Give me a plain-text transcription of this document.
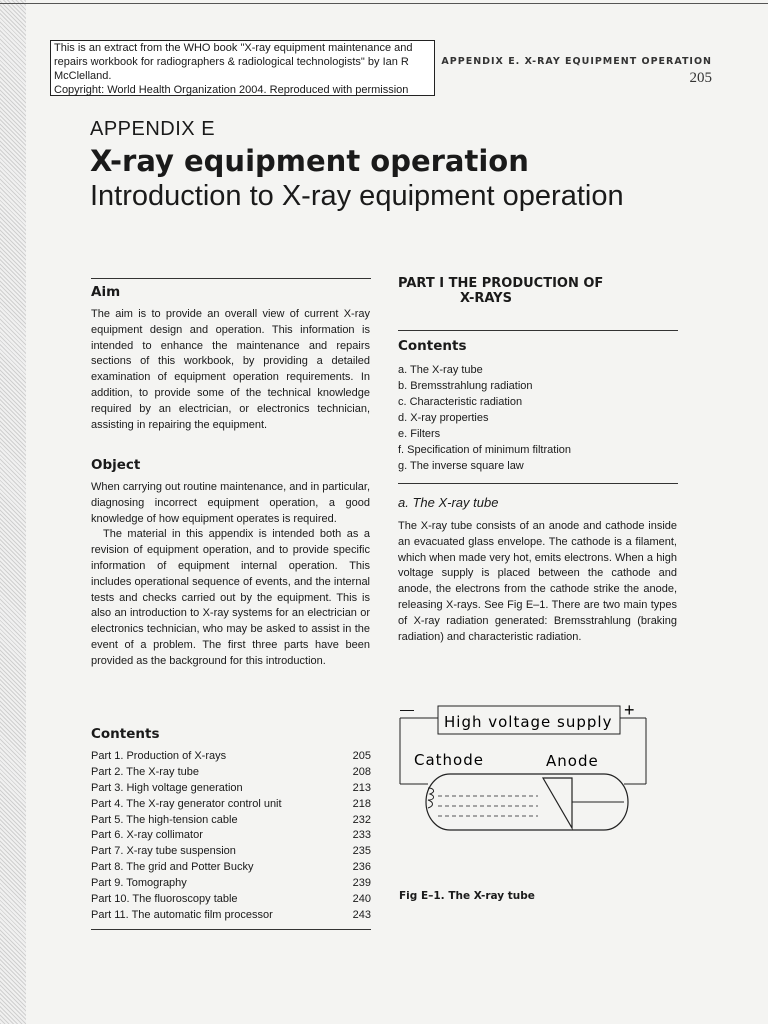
This is an extract from the WHO book "X-ray equipment maintenance and
repairs workbook for radiographers & radiological technologists" by Ian R
McClelland.
Copyright: World Health Organization 2004. Reproduced with permission
APPENDIX E. X-RAY EQUIPMENT OPERATION
205
APPENDIX E
X-ray equipment operation
Introduction to X-ray equipment operation
Aim

The aim is to provide an overall view of current X-ray equipment design and operation. This information is intended to enhance the maintenance and repairs sections of this workbook, by providing a detailed examination of equipment operation requirements. In addition, to provide some of the technical knowledge required by an electrician, or electronics technician, assisting in repairing the equipment.

Object

When carrying out routine maintenance, and in particular, diagnosing incorrect equipment operation, a good knowledge of how equipment operates is required.

The material in this appendix is intended both as a revision of equipment operation, and to provide specific information of equipment internal operation. This includes operational sequence of events, and the internal tests and checks carried out by the equipment. This is also an introduction to X-ray systems for an electrician or electronics technician, who may be asked to assist in the event of a problem. The first three parts have been provided as the background for this introduction.

Contents
Part 1. Production of X-rays	205
Part 2. The X-ray tube	208
Part 3. High voltage generation	213
Part 4. The X-ray generator control unit	218
Part 5. The high-tension cable	232
Part 6. X-ray collimator	233
Part 7. X-ray tube suspension	235
Part 8. The grid and Potter Bucky	236
Part 9. Tomography	239
Part 10. The fluoroscopy table	240
Part 11. The automatic film processor	243
PART I THE PRODUCTION OF
X-RAYS
Contents
a. The X-ray tube
b. Bremsstrahlung radiation
c. Characteristic radiation
d. X-ray properties
e. Filters
f. Specification of minimum filtration
g. The inverse square law
a. The X-ray tube

The X-ray tube consists of an anode and cathode inside an evacuated glass envelope. The cathode is a filament, which when made very hot, emits electrons. When a high voltage supply is placed between the cathode and anode, the electrons from the cathode strike the anode, releasing X-rays. See Fig E–1. There are two main types of X-ray radiation generated: Bremsstrahlung (braking radiation) and characteristic radiation.

—	+
High voltage supply
Cathode	Anode
Fig E–1. The X-ray tube
